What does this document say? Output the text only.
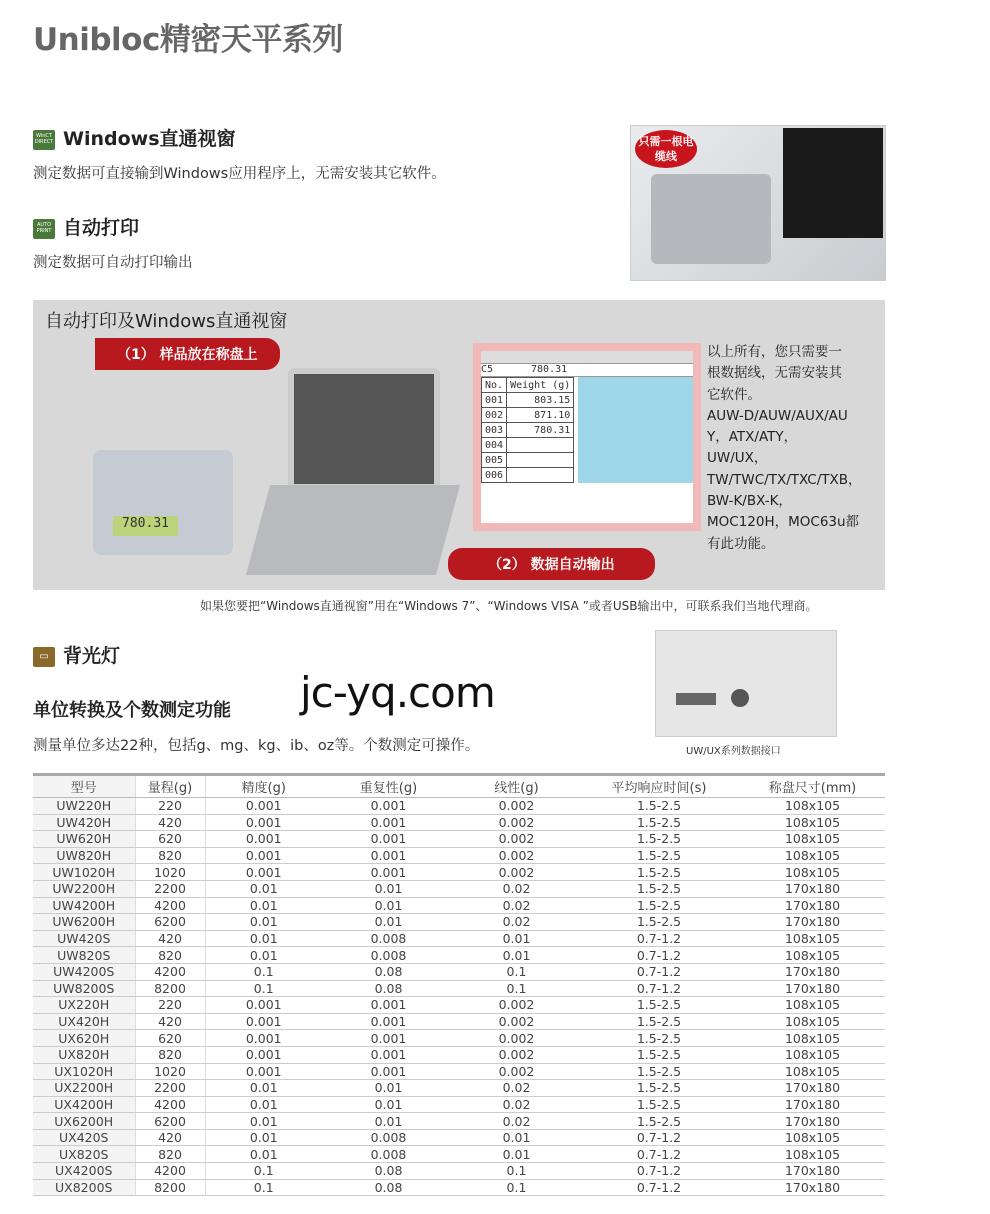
Unibloc精密天平系列
WinCT DIRECT Windows直通视窗
测定数据可直接输到Windows应用程序上，无需安装其它软件。
AUTO PRINT 自动打印
测定数据可自动打印输出
只需一根电缆线
自动打印及Windows直通视窗
（1） 样品放在称盘上
780.31
（2） 数据自动输出
以上所有，您只需要一
根数据线，无需安装其
它软件。
AUW-D/AUW/AUX/AU
Y，ATX/ATY，
UW/UX，
TW/TWC/TX/TXC/TXB，
BW-K/BX-K，
MOC120H，MOC63u都
有此功能。
C5	780.31
No.	Weight (g)
001	803.15
002	871.10
003	780.31
004	
005	
006	
如果您要把“Windows直通视窗”用在“Windows 7”、“Windows VISA ”或者USB输出中，可联系我们当地代理商。
▭ 背光灯
单位转换及个数测定功能
测量单位多达22种，包括g、mg、kg、ib、oz等。个数测定可操作。	UW/UX系列数据接口
型号	量程(g)	精度(g)	重复性(g)	线性(g)	平均响应时间(s)	称盘尺寸(mm)
UW220H	220	0.001	0.001	0.002	1.5-2.5	108x105
UW420H	420	0.001	0.001	0.002	1.5-2.5	108x105
UW620H	620	0.001	0.001	0.002	1.5-2.5	108x105
UW820H	820	0.001	0.001	0.002	1.5-2.5	108x105
UW1020H	1020	0.001	0.001	0.002	1.5-2.5	108x105
UW2200H	2200	0.01	0.01	0.02	1.5-2.5	170x180
UW4200H	4200	0.01	0.01	0.02	1.5-2.5	170x180
UW6200H	6200	0.01	0.01	0.02	1.5-2.5	170x180
UW420S	420	0.01	0.008	0.01	0.7-1.2	108x105
UW820S	820	0.01	0.008	0.01	0.7-1.2	108x105
UW4200S	4200	0.1	0.08	0.1	0.7-1.2	170x180
UW8200S	8200	0.1	0.08	0.1	0.7-1.2	170x180
UX220H	220	0.001	0.001	0.002	1.5-2.5	108x105
UX420H	420	0.001	0.001	0.002	1.5-2.5	108x105
UX620H	620	0.001	0.001	0.002	1.5-2.5	108x105
UX820H	820	0.001	0.001	0.002	1.5-2.5	108x105
UX1020H	1020	0.001	0.001	0.002	1.5-2.5	108x105
UX2200H	2200	0.01	0.01	0.02	1.5-2.5	170x180
UX4200H	4200	0.01	0.01	0.02	1.5-2.5	170x180
UX6200H	6200	0.01	0.01	0.02	1.5-2.5	170x180
UX420S	420	0.01	0.008	0.01	0.7-1.2	108x105
UX820S	820	0.01	0.008	0.01	0.7-1.2	108x105
UX4200S	4200	0.1	0.08	0.1	0.7-1.2	170x180
UX8200S	8200	0.1	0.08	0.1	0.7-1.2	170x180
jc-yq.com
